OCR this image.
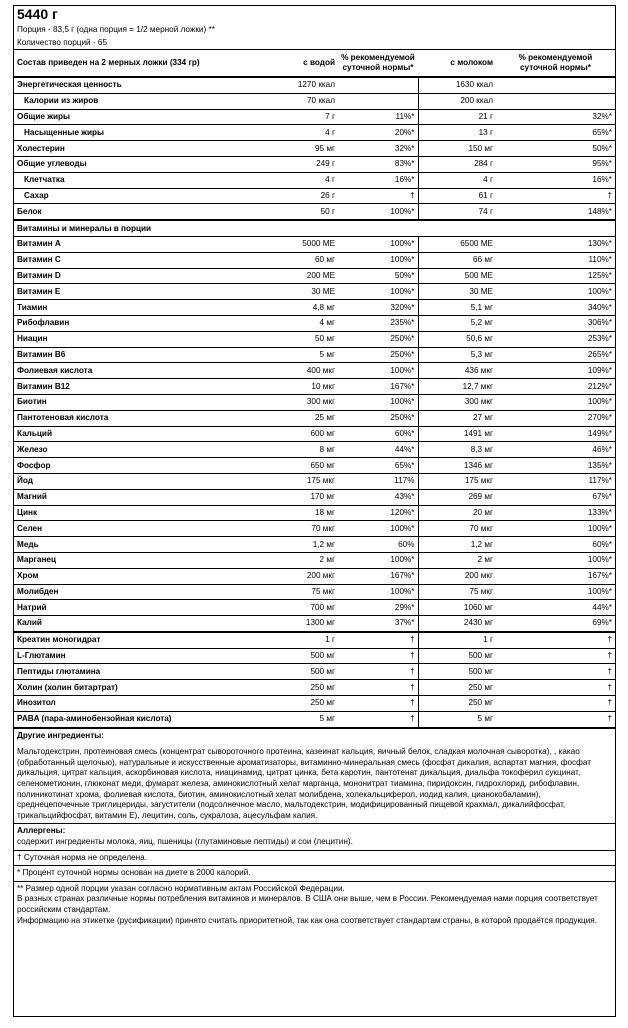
5440 г
Порция - 83,5 г (одна порция = 1/2 мерной ложки) **
Количество порций - 65
Состав приведен на 2 мерных ложки (334 гр)	с водой	% рекомендуемой суточной нормы*	с молоком	% рекомендуемой суточной нормы*
Энергетическая ценность	1270 ккал		1630 ккал	
Калории из жиров	70 ккал		200 ккал	
Общие жиры	7 г	11%*	21 г	32%*
Насыщенные жиры	4 г	20%*	13 г	65%*
Холестерин	95 мг	32%*	150 мг	50%*
Общие углеводы	249 г	83%*	284 г	95%*
Клетчатка	4 г	16%*	4 г	16%*
Сахар	26 г	†	61 г	†
Белок	50 г	100%*	74 г	148%*
Витамины и минералы в порции				
Витамин А	5000 МЕ	100%*	6500 МЕ	130%*
Витамин С	60 мг	100%*	66 мг	110%*
Витамин D	200 МЕ	50%*	500 МЕ	125%*
Витамин Е	30 МЕ	100%*	30 МЕ	100%*
Тиамин	4,8 мг	320%*	5,1 мг	340%*
Рибофлавин	4 мг	235%*	5,2 мг	306%*
Ниацин	50 мг	250%*	50,6 мг	253%*
Витамин В6	5 мг	250%*	5,3 мг	265%*
Фолиевая кислота	400 мкг	100%*	436 мкг	109%*
Витамин В12	10 мкг	167%*	12,7 мкг	212%*
Биотин	300 мкг	100%*	300 мкг	100%*
Пантотеновая кислота	25 мг	250%*	27 мг	270%*
Кальций	600 мг	60%*	1491 мг	149%*
Железо	8 мг	44%*	8,3 мг	46%*
Фосфор	650 мг	65%*	1346 мг	135%*
Йод	175 мкг	117%	175 мкг	117%*
Магний	170 мг	43%*	269 мг	67%*
Цинк	18 мг	120%*	20 мг	133%*
Селен	70 мкг	100%*	70 мкг	100%*
Медь	1,2 мг	60%	1,2 мг	60%*
Марганец	2 мг	100%*	2 мг	100%*
Хром	200 мкг	167%*	200 мкг	167%*
Молибден	75 мкг	100%*	75 мкг	100%*
Натрий	700 мг	29%*	1060 мг	44%*
Калий	1300 мг	37%*	2430 мг	69%*
Креатин моногидрат	1 г	†	1 г	†
L-Глютамин	500 мг	†	500 мг	†
Пептиды глютамина	500 мг	†	500 мг	†
Холин (холин битартрат)	250 мг	†	250 мг	†
Инозитол	250 мг	†	250 мг	†
PABA (пара-аминобензойная кислота)	5 мг	†	5 мг	†

Другие ингредиенты:

Мальтодекстрин, протеиновая смесь (концентрат сывороточного протеина, казеинат кальция, яичный белок, сладкая молочная сыворотка), , какао (обработанный щелочью), натуральные и искусственные ароматизаторы, витаминно-минеральная смесь (фосфат дикалия, аспартат магния, фосфат дикальция, цитрат кальция, аскорбиновая кислота, ниацинамид, цитрат цинка, бета каротин, пантотенат дикальция, диальфа токоферил сукцинат, селенометионин, глюконат меди, фумарат железа, аминокислотный хелат марганца, мононитрат тиамина, пиридоксин, гидрохлорид, рибофлавин, полиникотинат хрома, фолиевая кислота, биотин, аминокислотный хелат молибдена, холекальциферол, иодид калия, цианокобаламин), среднецепочечные триглицериды, загустители (подсолнечное масло, мальтодекстрин, модифицированный пищевой крахмал, дикалийфосфат, трикальцийфосфат, витамин Е), лецитин, соль, сукралоза, ацесульфам калия.

Аллергены:

содержит ингредиенты молока, яиц, пшеницы (глутаминовые пептиды) и сои (лецитин).

† Суточная норма не определена.

* Процент суточной нормы основан на диете в 2000 калорий.

** Размер одной порции указан согласно нормативным актам Российской Федерации.

В разных странах различные нормы потребления витаминов и минералов. В США они выше, чем в России. Рекомендуемая нами порция соответствует российским стандартам.

Информацию на этикетке (русификации) принято считать приоритетной, так как она соответствует стандартам страны, в которой продаётся продукция.
